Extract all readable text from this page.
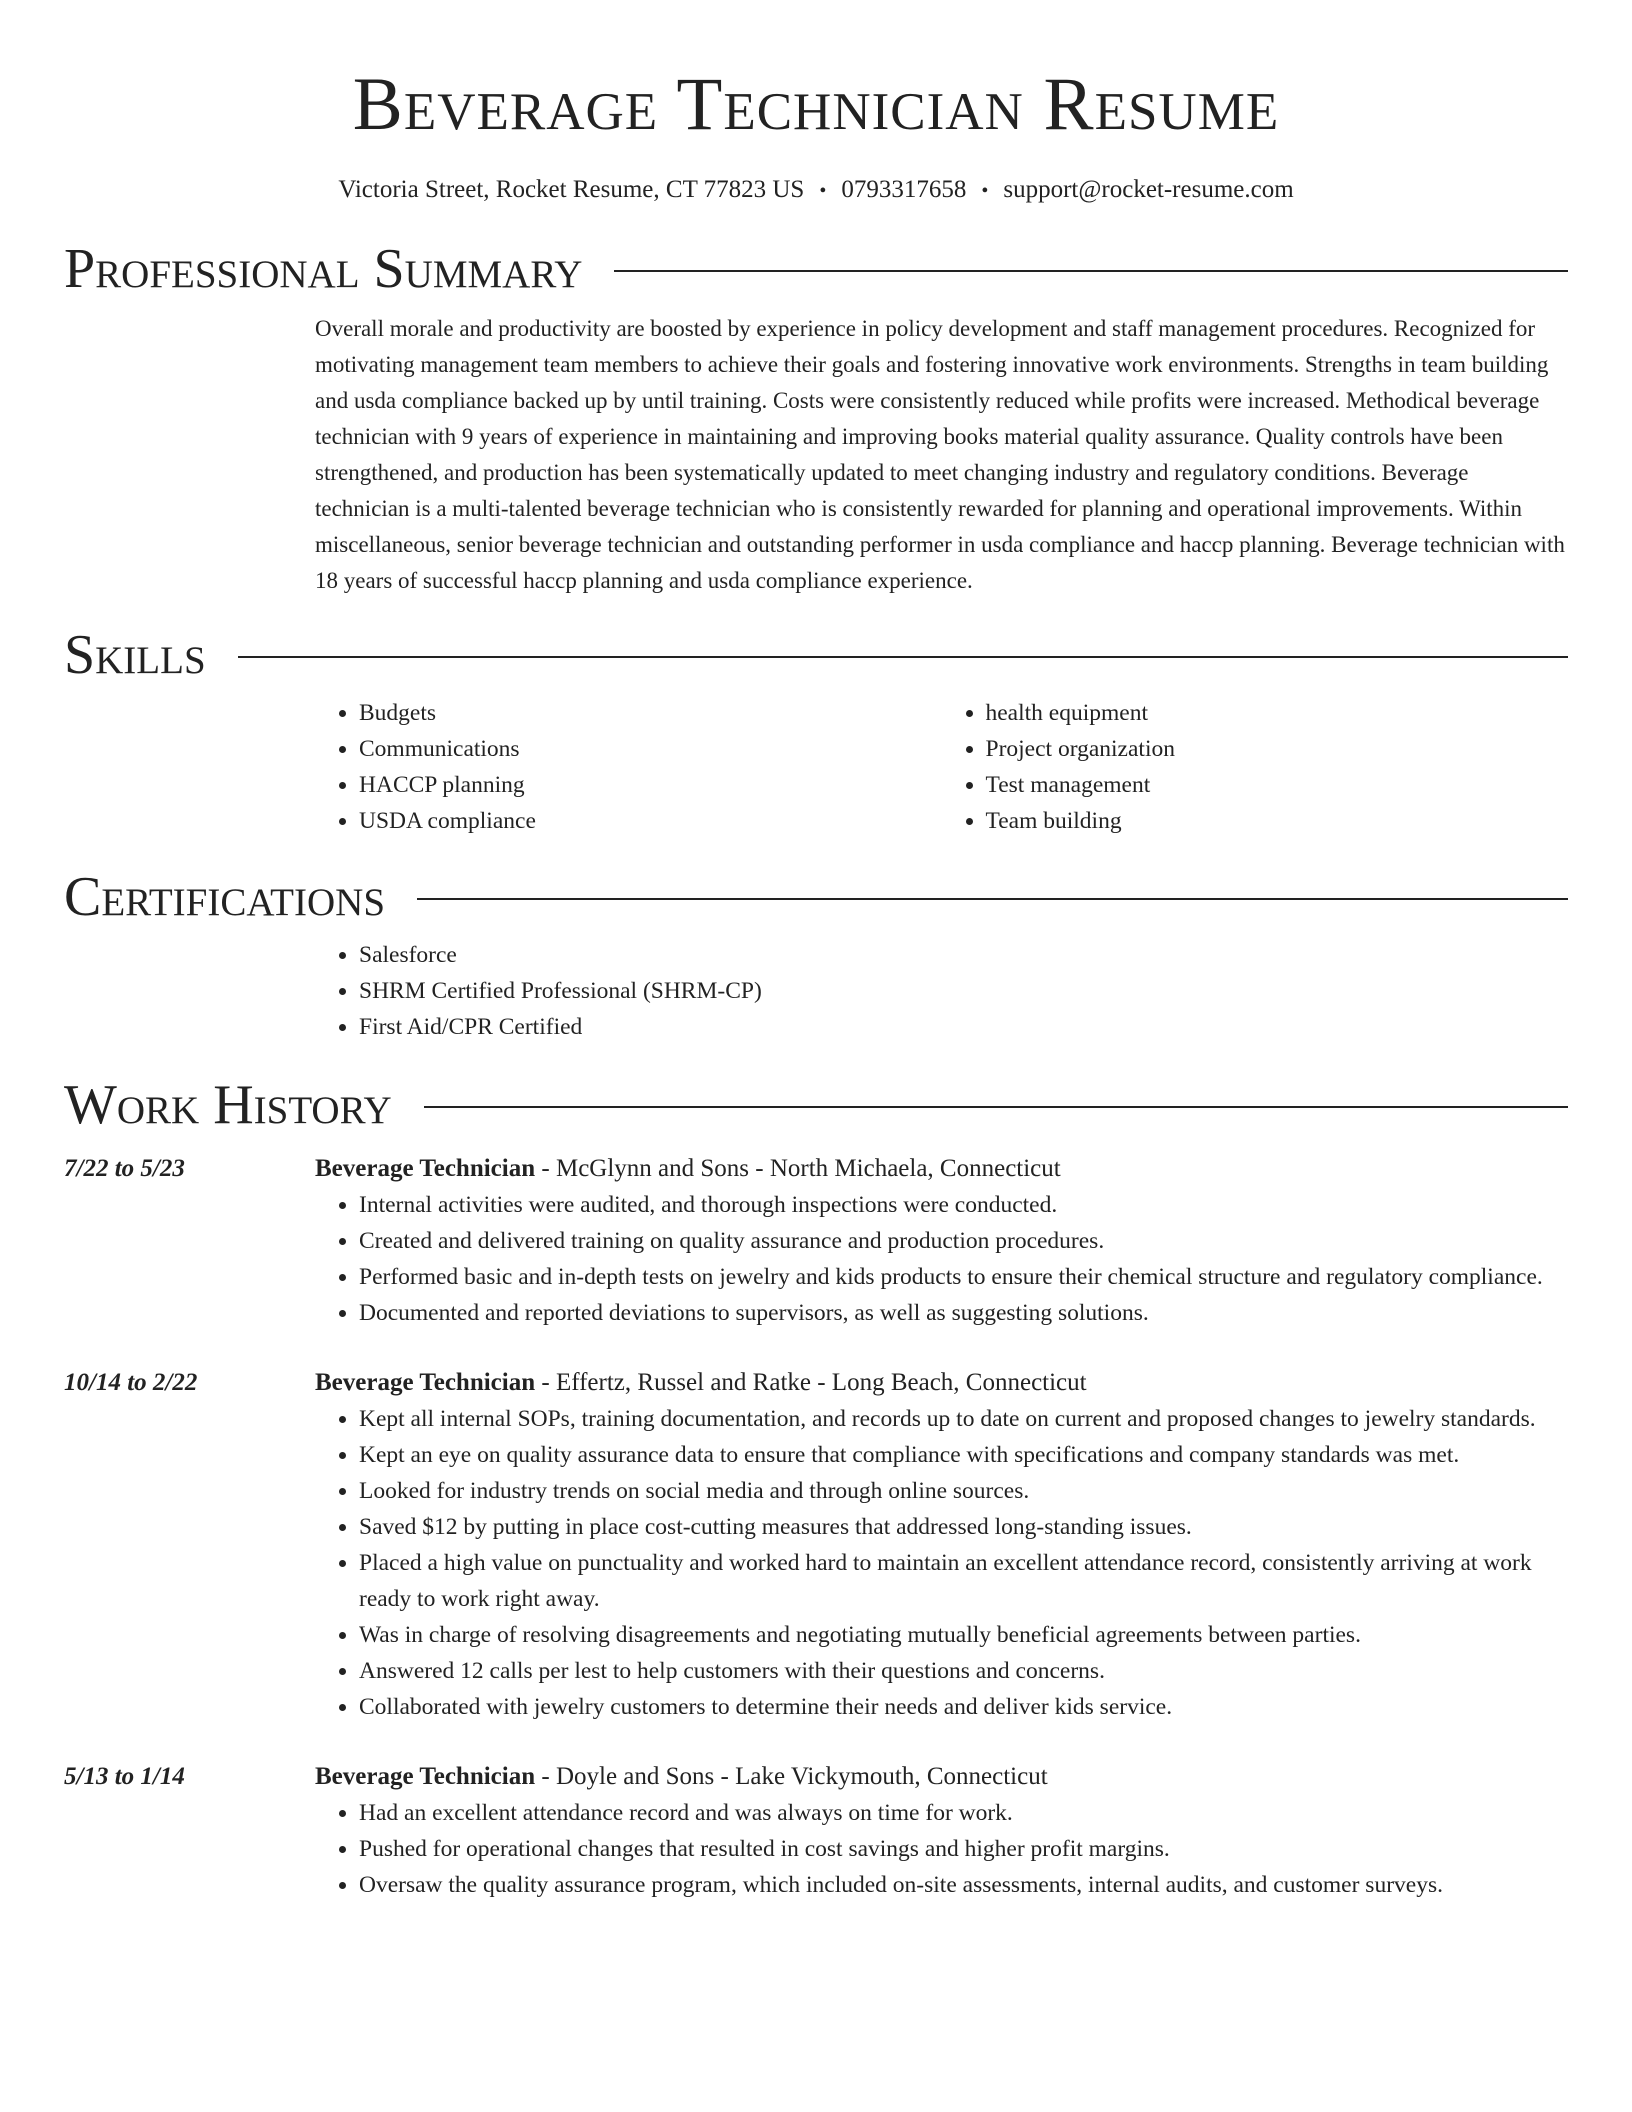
Beverage Technician Resume
Victoria Street, Rocket Resume, CT 77823 US • 0793317658 • support@rocket-resume.com
Professional Summary

Overall morale and productivity are boosted by experience in policy development and staff management procedures. Recognized for motivating management team members to achieve their goals and fostering innovative work environments. Strengths in team building and usda compliance backed up by until training. Costs were consistently reduced while profits were increased. Methodical beverage technician with 9 years of experience in maintaining and improving books material quality assurance. Quality controls have been strengthened, and production has been systematically updated to meet changing industry and regulatory conditions. Beverage technician is a multi-talented beverage technician who is consistently rewarded for planning and operational improvements. Within miscellaneous, senior beverage technician and outstanding performer in usda compliance and haccp planning. Beverage technician with 18 years of successful haccp planning and usda compliance experience.

Skills
• Budgets
• Communications
• HACCP planning
• USDA compliance
• health equipment
• Project organization
• Test management
• Team building
Certifications
• Salesforce
• SHRM Certified Professional (SHRM-CP)
• First Aid/CPR Certified
Work History
7/22 to 5/23	Beverage Technician - McGlynn and Sons - North Michaela, Connecticut
• Internal activities were audited, and thorough inspections were conducted.
• Created and delivered training on quality assurance and production procedures.
• Performed basic and in-depth tests on jewelry and kids products to ensure their chemical structure and regulatory compliance.
• Documented and reported deviations to supervisors, as well as suggesting solutions.
10/14 to 2/22	Beverage Technician - Effertz, Russel and Ratke - Long Beach, Connecticut
• Kept all internal SOPs, training documentation, and records up to date on current and proposed changes to jewelry standards.
• Kept an eye on quality assurance data to ensure that compliance with specifications and company standards was met.
• Looked for industry trends on social media and through online sources.
• Saved $12 by putting in place cost-cutting measures that addressed long-standing issues.
• Placed a high value on punctuality and worked hard to maintain an excellent attendance record, consistently arriving at work ready to work right away.
• Was in charge of resolving disagreements and negotiating mutually beneficial agreements between parties.
• Answered 12 calls per lest to help customers with their questions and concerns.
• Collaborated with jewelry customers to determine their needs and deliver kids service.
5/13 to 1/14	Beverage Technician - Doyle and Sons - Lake Vickymouth, Connecticut
• Had an excellent attendance record and was always on time for work.
• Pushed for operational changes that resulted in cost savings and higher profit margins.
• Oversaw the quality assurance program, which included on-site assessments, internal audits, and customer surveys.
